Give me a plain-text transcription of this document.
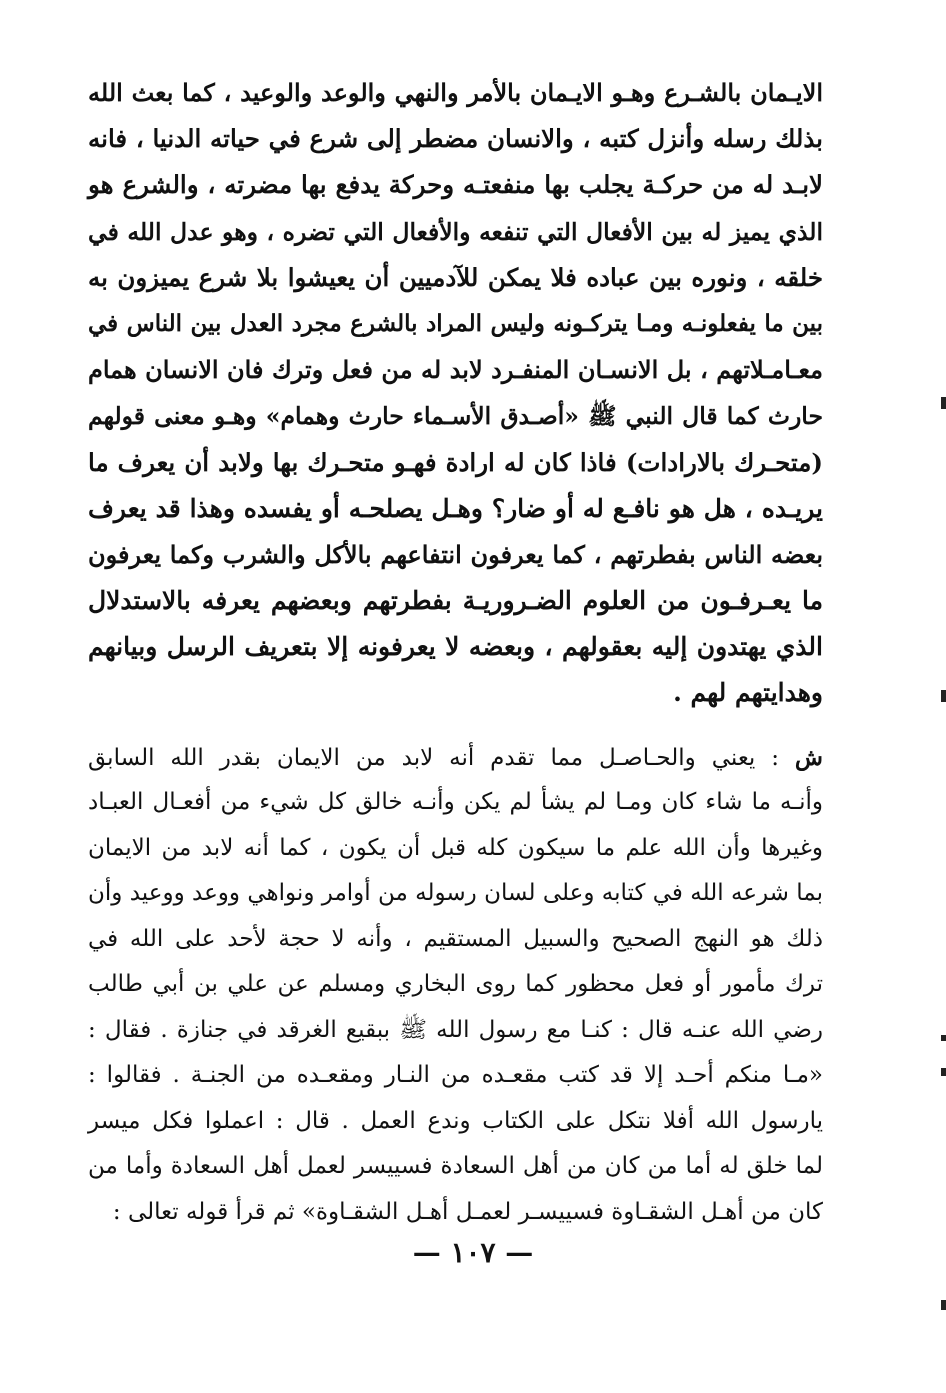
الايـمان بالشـرع وهـو الايـمان بالأمر والنهي والوعد والوعيد ، كما بعث الله
بذلك رسله وأنزل كتبه ، والانسان مضطر إلى شرع في حياته الدنيا ، فانه
لابـد له من حركـة يجلب بها منفعتـه وحركة يدفع بها مضرته ، والشرع هو
الذي يميز له بين الأفعال التي تنفعه والأفعال التي تضره ، وهو عدل الله في
خلقه ، ونوره بين عباده فلا يمكن للآدميين أن يعيشوا بلا شرع يميزون به
بين ما يفعلونـه ومـا يتركـونه وليس المراد بالشرع مجرد العدل بين الناس في
معـامـلاتهم ، بل الانسـان المنفـرد لابد له من فعل وترك فان الانسان همام
حارث كما قال النبي ﷺ «أصـدق الأسـماء حارث وهمام» وهـو معنى قولهم
(متحـرك بالارادات) فاذا كان له ارادة فهـو متحـرك بها ولابد أن يعرف ما
يريـده ، هل هو نافـع له أو ضار؟ وهـل يصلحـه أو يفسده وهذا قد يعرف
بعضه الناس بفطرتهم ، كما يعرفون انتفاعهم بالأكل والشرب وكما يعرفون
ما يعـرفـون من العلوم الضـروريـة بفطرتهم وبعضهم يعرفه بالاستدلال
الذي يهتدون إليه بعقولهم ، وبعضه لا يعرفونه إلا بتعريف الرسل وبيانهم
وهدايتهم لهم .
ش : يعني والحـاصـل مما تقدم أنه لابد من الايمان بقدر الله السابق
وأنـه ما شاء كان ومـا لم يشأ لم يكن وأنـه خالق كل شيء من أفعـال العبـاد
وغيرها وأن الله علم ما سيكون كله قبل أن يكون ، كما أنه لابد من الايمان
بما شرعه الله في كتابه وعلى لسان رسوله من أوامر ونواهي ووعد ووعيد وأن
ذلك هو النهج الصحيح والسبيل المستقيم ، وأنه لا حجة لأحد على الله في
ترك مأمور أو فعل محظور كما روى البخاري ومسلم عن علي بن أبي طالب
رضي الله عنـه قال : كنـا مع رسول الله ﷺ ببقيع الغرقد في جنازة . فقال :
«مـا منكم أحـد إلا قد كتب مقعـده من النـار ومقعـده من الجنـة . فقالوا :
يارسول الله أفلا نتكل على الكتاب وندع العمل . قال : اعملوا فكل ميسر
لما خلق له أما من كان من أهل السعادة فسييسر لعمل أهل السعادة وأما من
كان من أهـل الشقـاوة فسييسـر لعمـل أهـل الشقـاوة» ثم قرأ قوله تعالى :
— ١٠٧ —
